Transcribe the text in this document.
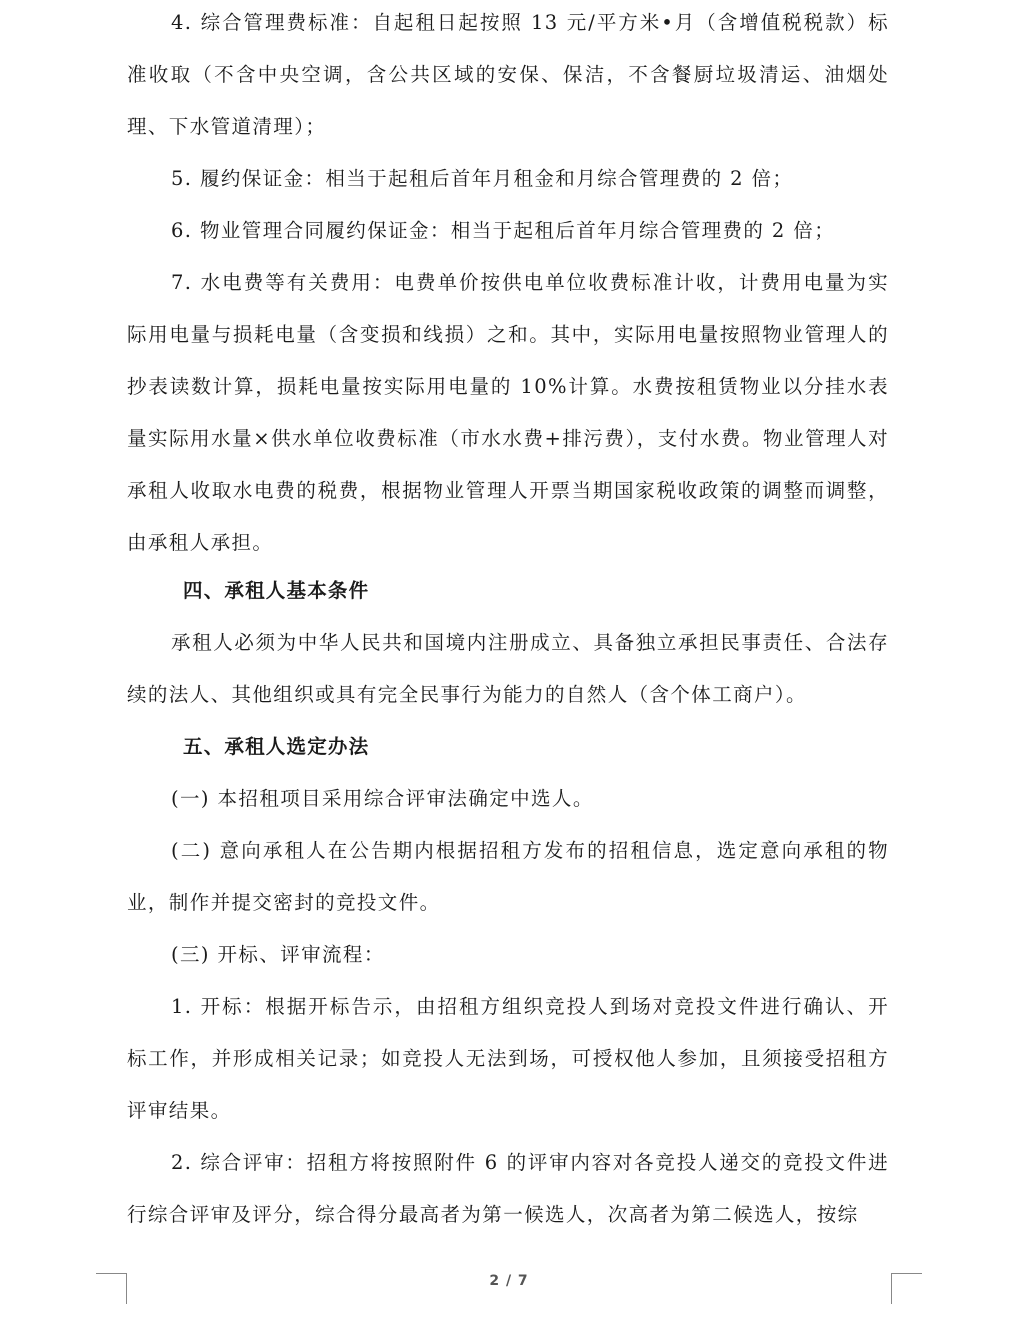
4. 综合管理费标准：自起租日起按照 13 元/平方米•月（含增值税税款）标准收取（不含中央空调，含公共区域的安保、保洁，不含餐厨垃圾清运、油烟处理、下水管道清理）；

5. 履约保证金：相当于起租后首年月租金和月综合管理费的 2 倍；

6. 物业管理合同履约保证金：相当于起租后首年月综合管理费的 2 倍；

7. 水电费等有关费用：电费单价按供电单位收费标准计收，计费用电量为实际用电量与损耗电量（含变损和线损）之和。其中，实际用电量按照物业管理人的抄表读数计算，损耗电量按实际用电量的 10%计算。水费按租赁物业以分挂水表量实际用水量×供水单位收费标准（市水水费+排污费），支付水费。物业管理人对承租人收取水电费的税费，根据物业管理人开票当期国家税收政策的调整而调整，由承租人承担。

四、承租人基本条件

承租人必须为中华人民共和国境内注册成立、具备独立承担民事责任、合法存续的法人、其他组织或具有完全民事行为能力的自然人（含个体工商户）。

五、承租人选定办法

(一) 本招租项目采用综合评审法确定中选人。

(二) 意向承租人在公告期内根据招租方发布的招租信息，选定意向承租的物业，制作并提交密封的竞投文件。

(三) 开标、评审流程：

1. 开标：根据开标告示，由招租方组织竞投人到场对竞投文件进行确认、开标工作，并形成相关记录；如竞投人无法到场，可授权他人参加，且须接受招租方评审结果。

2. 综合评审：招租方将按照附件 6 的评审内容对各竞投人递交的竞投文件进行综合评审及评分，综合得分最高者为第一候选人，次高者为第二候选人，按综

2 / 7
